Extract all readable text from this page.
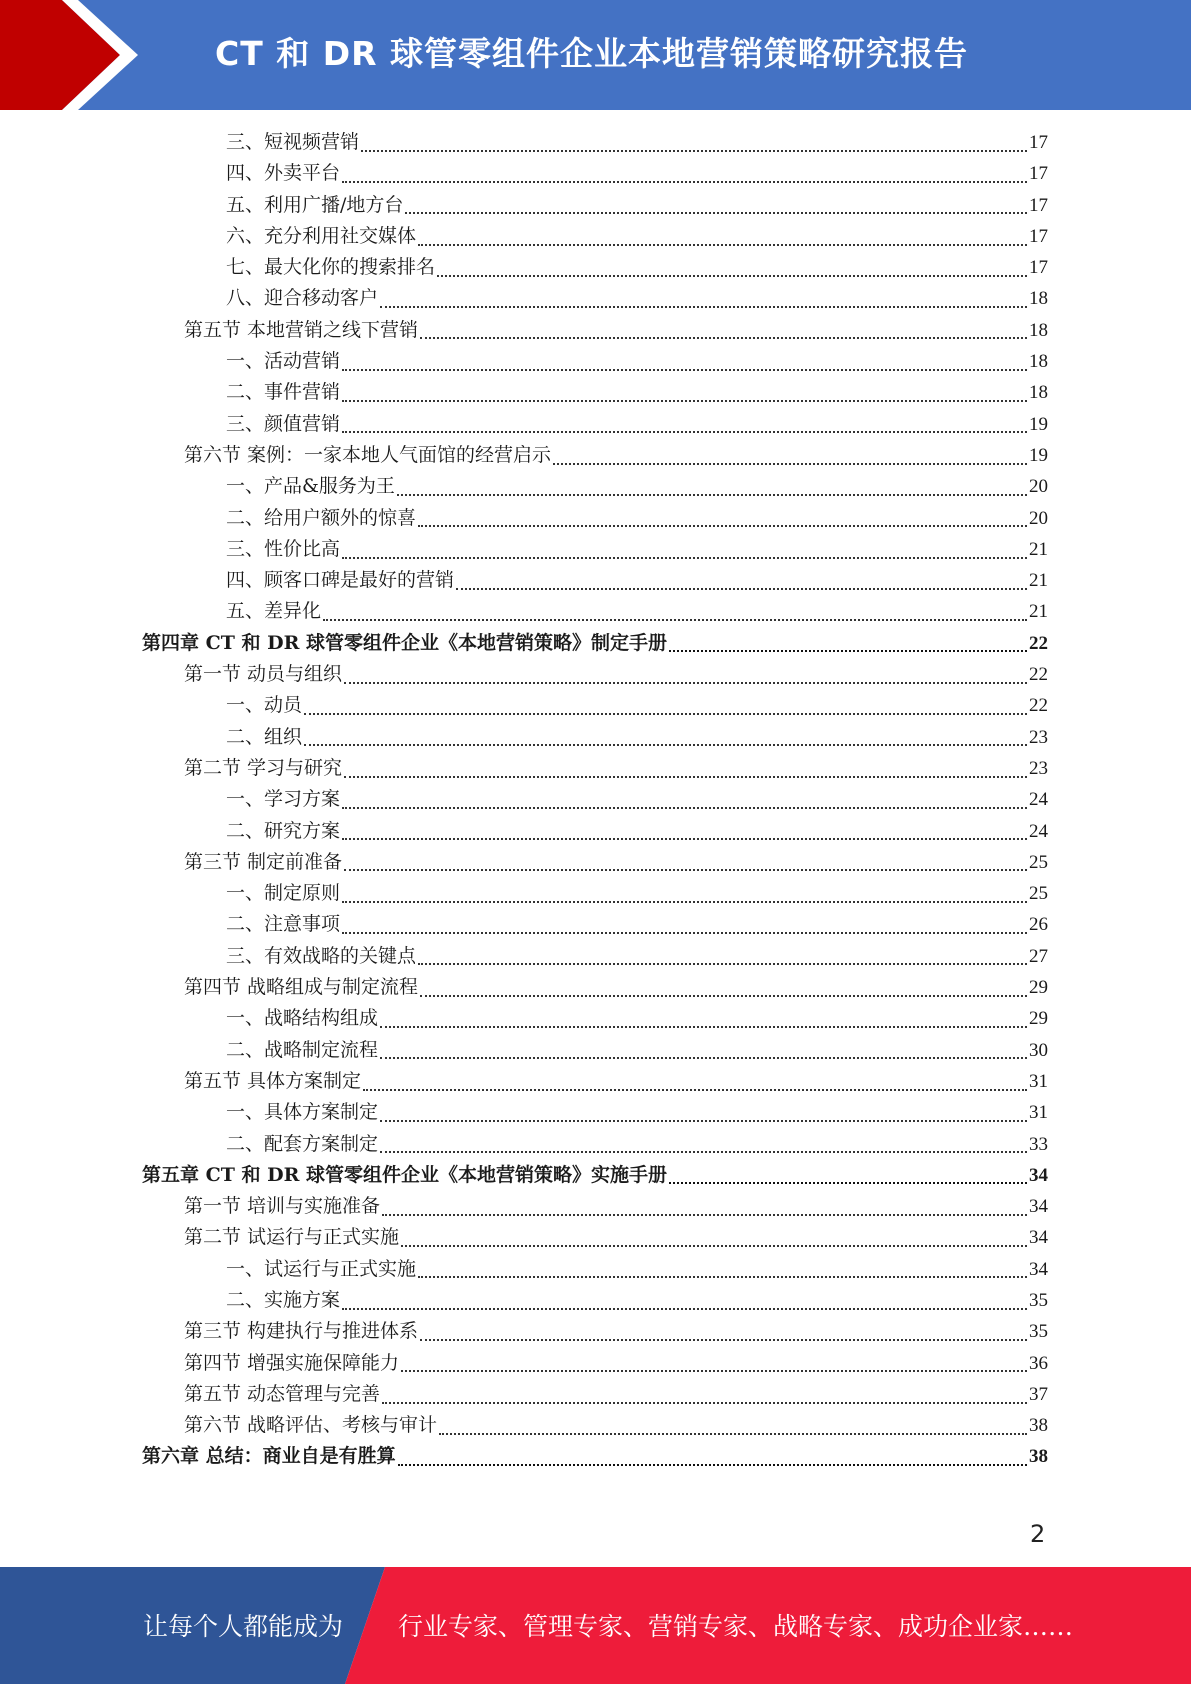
CT 和 DR 球管零组件企业本地营销策略研究报告
三、短视频营销	17
四、外卖平台	17
五、利用广播/地方台	17
六、充分利用社交媒体	17
七、最大化你的搜索排名	17
八、迎合移动客户	18
第五节 本地营销之线下营销	18
一、活动营销	18
二、事件营销	18
三、颜值营销	19
第六节 案例：一家本地人气面馆的经营启示	19
一、产品&服务为王	20
二、给用户额外的惊喜	20
三、性价比高	21
四、顾客口碑是最好的营销	21
五、差异化	21
第四章 CT 和 DR 球管零组件企业《本地营销策略》制定手册	22
第一节 动员与组织	22
一、动员	22
二、组织	23
第二节 学习与研究	23
一、学习方案	24
二、研究方案	24
第三节 制定前准备	25
一、制定原则	25
二、注意事项	26
三、有效战略的关键点	27
第四节 战略组成与制定流程	29
一、战略结构组成	29
二、战略制定流程	30
第五节 具体方案制定	31
一、具体方案制定	31
二、配套方案制定	33
第五章 CT 和 DR 球管零组件企业《本地营销策略》实施手册	34
第一节 培训与实施准备	34
第二节 试运行与正式实施	34
一、试运行与正式实施	34
二、实施方案	35
第三节 构建执行与推进体系	35
第四节 增强实施保障能力	36
第五节 动态管理与完善	37
第六节 战略评估、考核与审计	38
第六章 总结：商业自是有胜算	38
2
让每个人都能成为 行业专家、管理专家、营销专家、战略专家、成功企业家……
